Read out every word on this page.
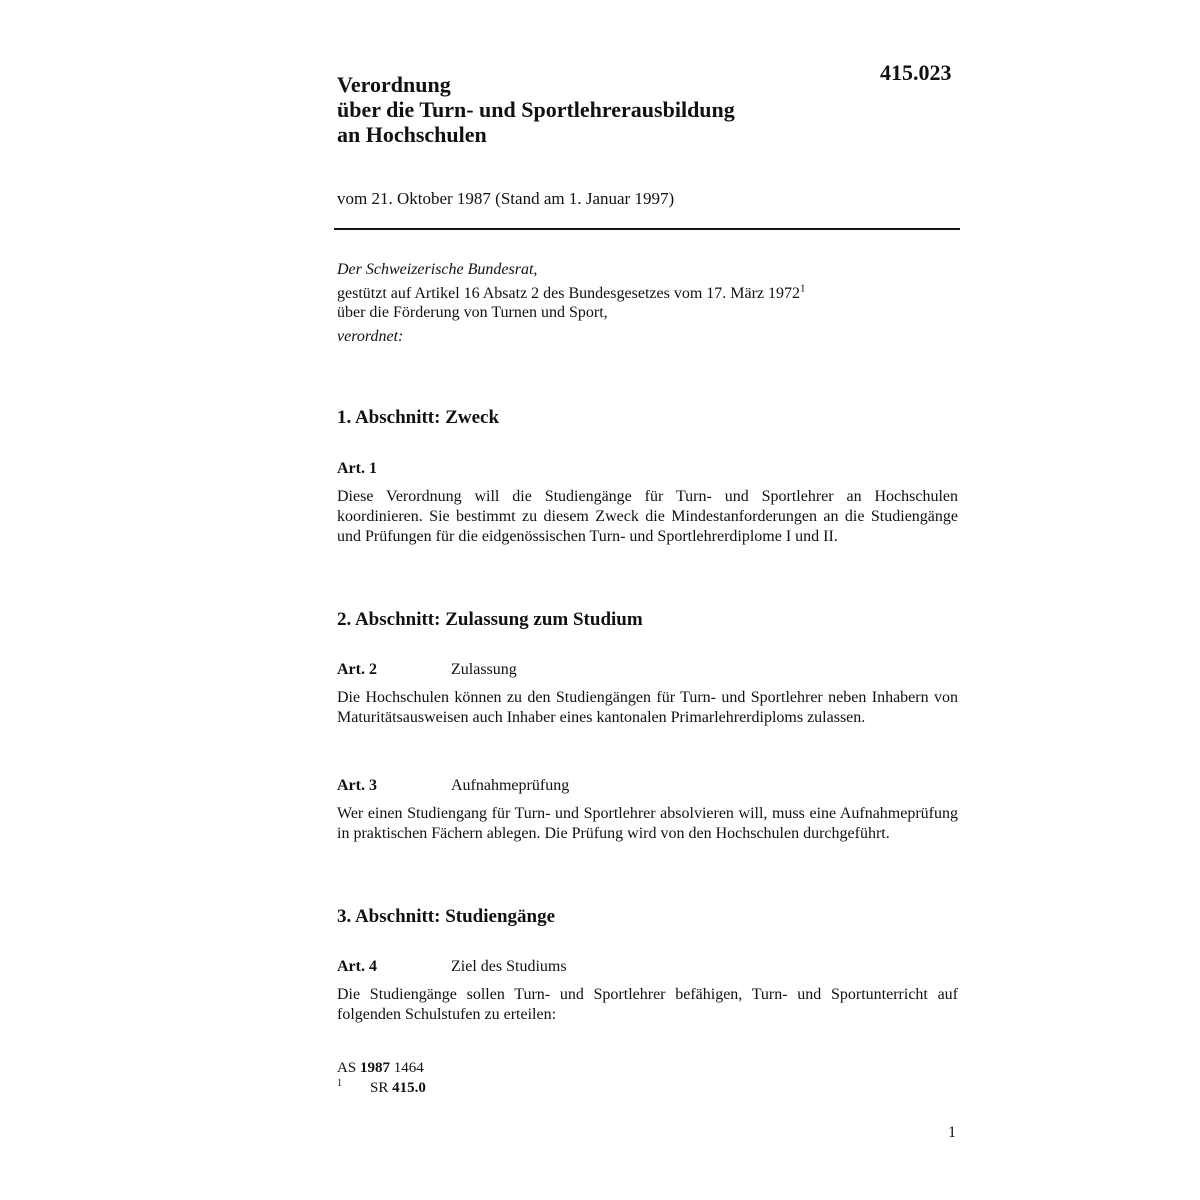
415.023
Verordnung
über die Turn- und Sportlehrerausbildung
an Hochschulen
vom 21. Oktober 1987 (Stand am 1. Januar 1997)
Der Schweizerische Bundesrat,
gestützt auf Artikel 16 Absatz 2 des Bundesgesetzes vom 17. März 1972$^1$
über die Förderung von Turnen und Sport,
verordnet:
1. Abschnitt: Zweck
Art. 1
Diese Verordnung will die Studiengänge für Turn- und Sportlehrer an Hochschulen koordinieren. Sie bestimmt zu diesem Zweck die Mindestanforderungen an die Studiengänge und Prüfungen für die eidgenössischen Turn- und Sportlehrerdiplome I und II.
2. Abschnitt: Zulassung zum Studium
Art. 2	Zulassung
Die Hochschulen können zu den Studiengängen für Turn- und Sportlehrer neben Inhabern von Maturitätsausweisen auch Inhaber eines kantonalen Primarlehrerdiploms zulassen.
Art. 3	Aufnahmeprüfung
Wer einen Studiengang für Turn- und Sportlehrer absolvieren will, muss eine Aufnahmeprüfung in praktischen Fächern ablegen. Die Prüfung wird von den Hochschulen durchgeführt.
3. Abschnitt: Studiengänge
Art. 4	Ziel des Studiums
Die Studiengänge sollen Turn- und Sportlehrer befähigen, Turn- und Sportunterricht auf folgenden Schulstufen zu erteilen:
AS 1987 1464
1 SR 415.0
1
